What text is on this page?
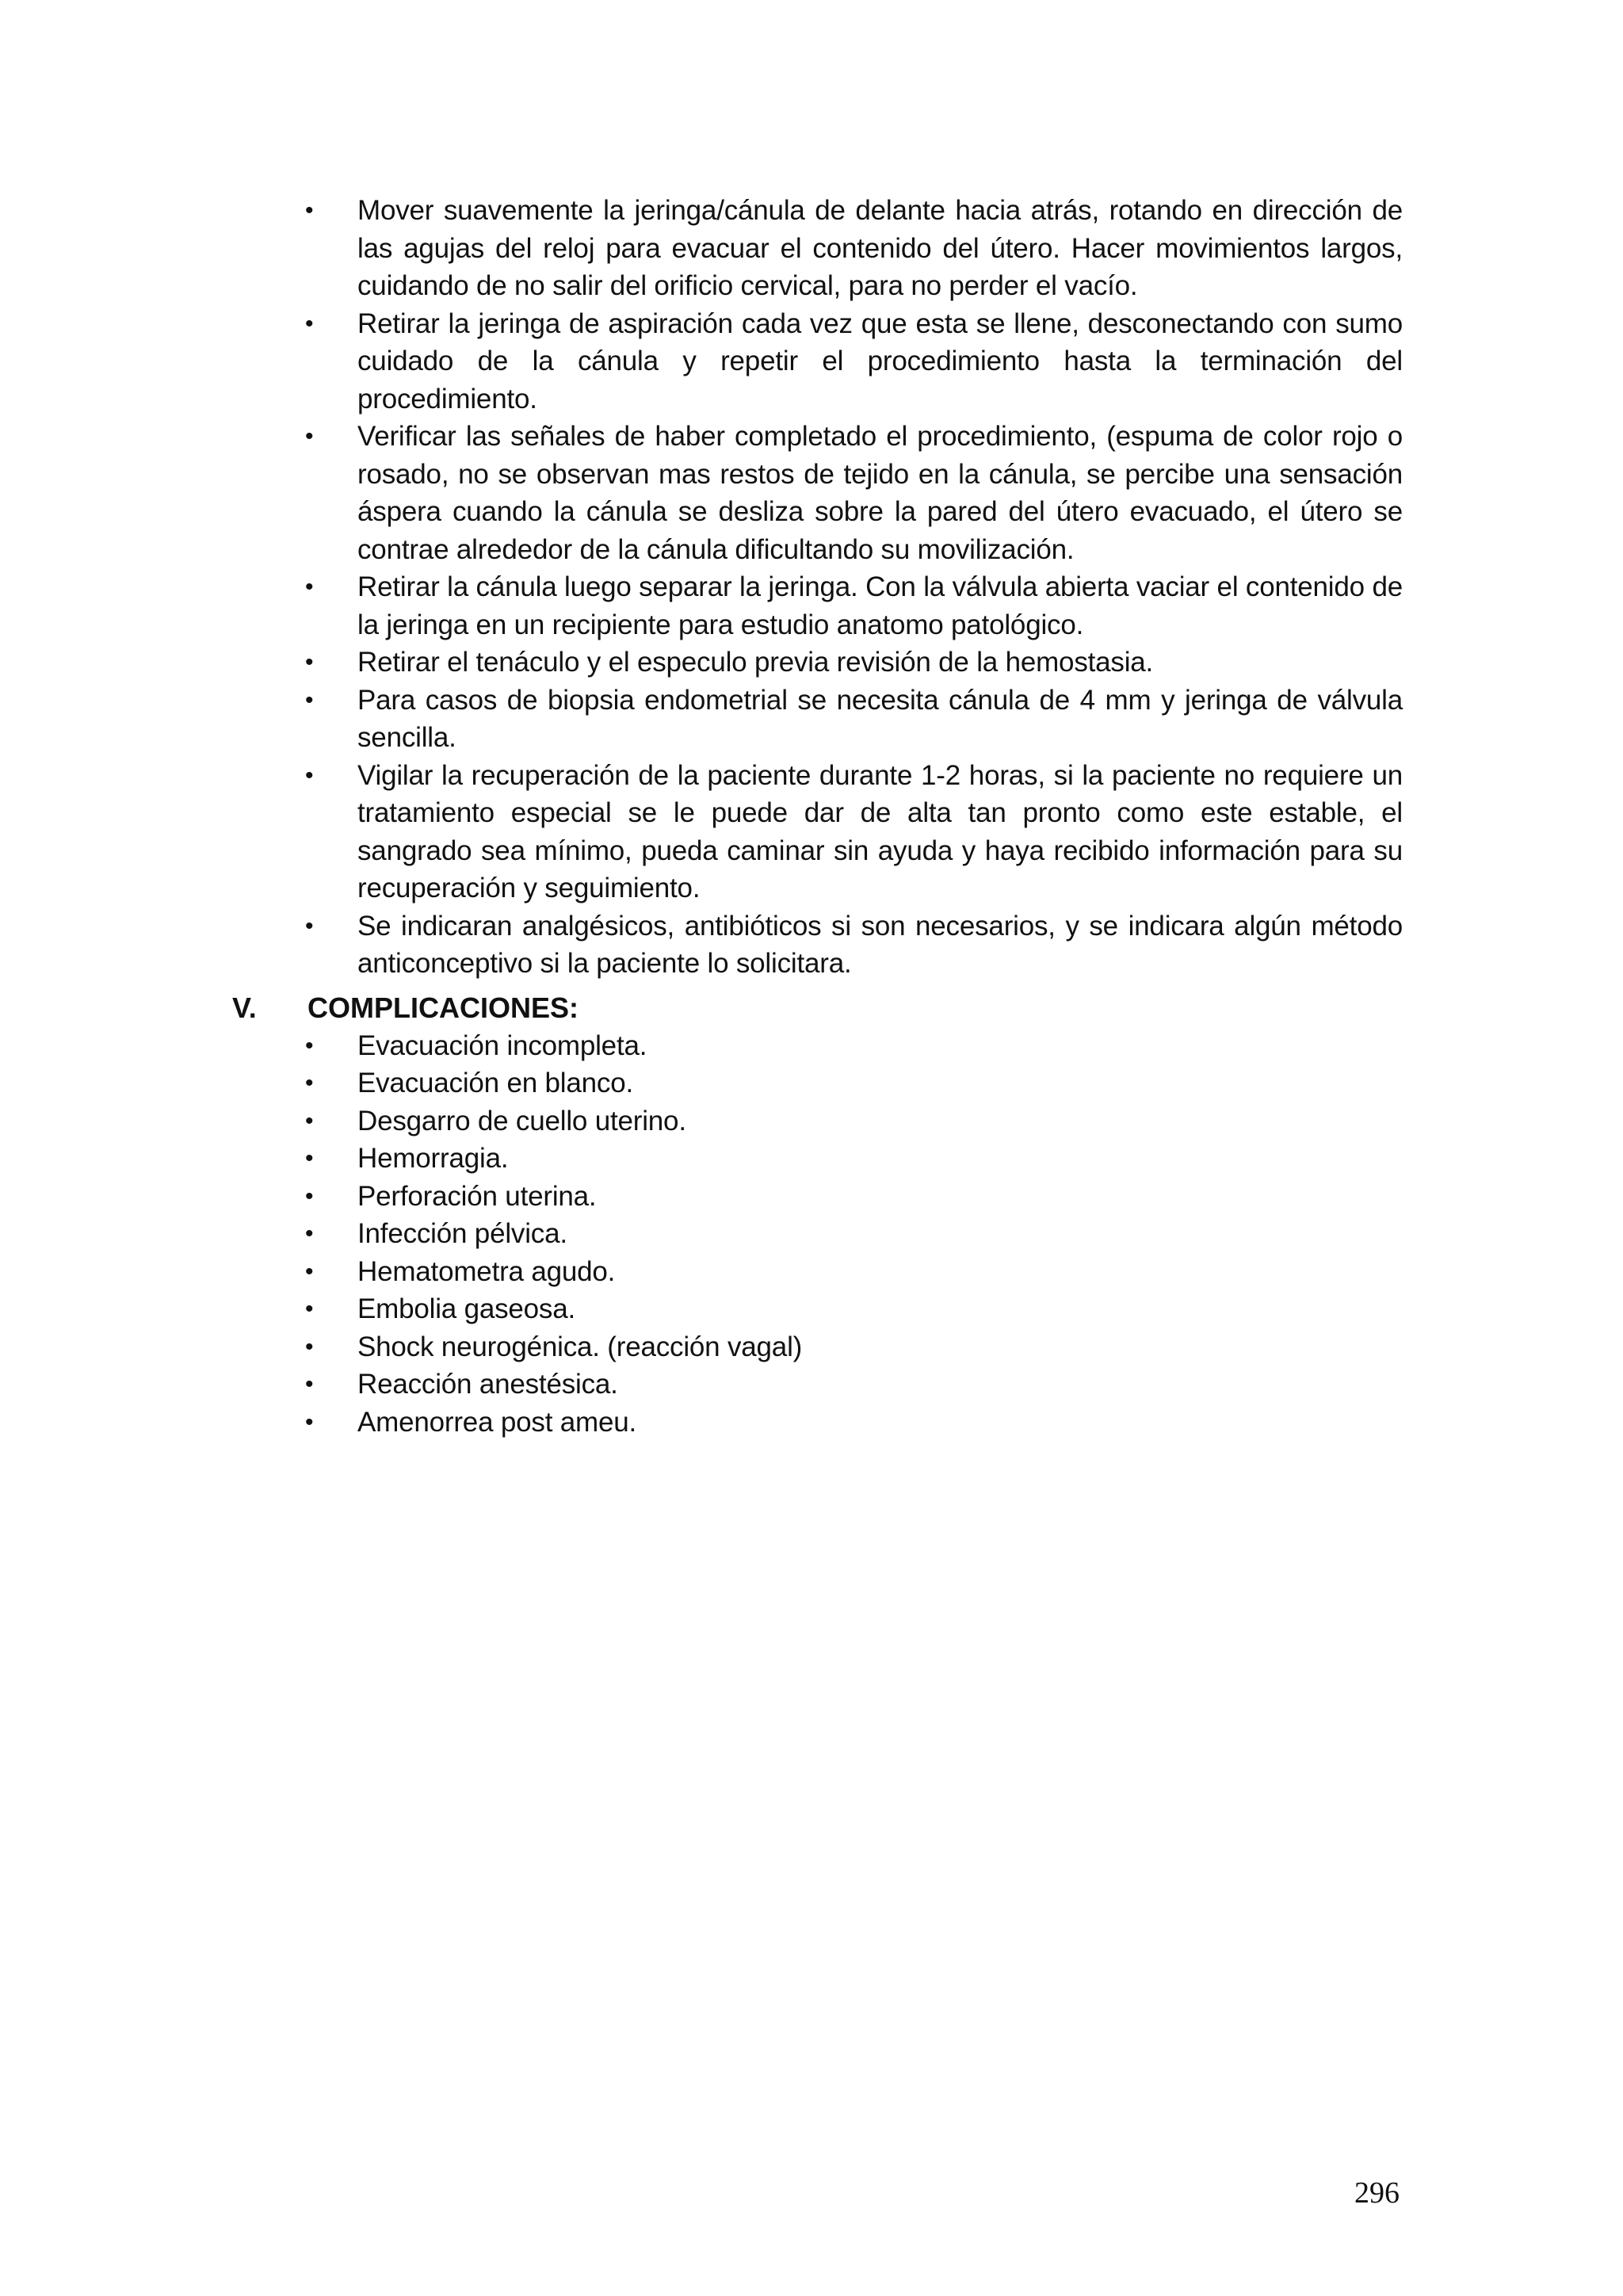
•	Mover suavemente la jeringa/cánula de delante hacia atrás, rotando en dirección de las agujas del reloj para evacuar el contenido del útero. Hacer movimientos largos, cuidando de no salir del orificio cervical, para no perder el vacío.
•	Retirar la jeringa de aspiración cada vez que esta se llene, desconectando con sumo cuidado de la cánula y repetir el procedimiento hasta la terminación del procedimiento.
•	Verificar las señales de haber completado el procedimiento, (espuma de color rojo o rosado, no se observan mas restos de tejido en la cánula, se percibe una sensación áspera cuando la cánula se desliza sobre la pared del útero evacuado, el útero se contrae alrededor de la cánula dificultando su movilización.
•	Retirar la cánula luego separar la jeringa. Con la válvula abierta vaciar el contenido de la jeringa en un recipiente para estudio anatomo patológico.
•	Retirar el tenáculo y el especulo previa revisión de la hemostasia.
•	Para casos de biopsia endometrial se necesita cánula de 4 mm y jeringa de válvula sencilla.
•	Vigilar la recuperación de la paciente durante 1-2 horas, si la paciente no requiere un tratamiento especial se le puede dar de alta tan pronto como este estable, el sangrado sea mínimo, pueda caminar sin ayuda y haya recibido información para su recuperación y seguimiento.
•	Se indicaran analgésicos, antibióticos si son necesarios, y se indicara algún método anticonceptivo si la paciente lo solicitara.
V.	COMPLICACIONES:
•	Evacuación incompleta.
•	Evacuación en blanco.
•	Desgarro de cuello uterino.
•	Hemorragia.
•	Perforación uterina.
•	Infección pélvica.
•	Hematometra agudo.
•	Embolia gaseosa.
•	Shock neurogénica. (reacción vagal)
•	Reacción anestésica.
•	Amenorrea post ameu.
296
